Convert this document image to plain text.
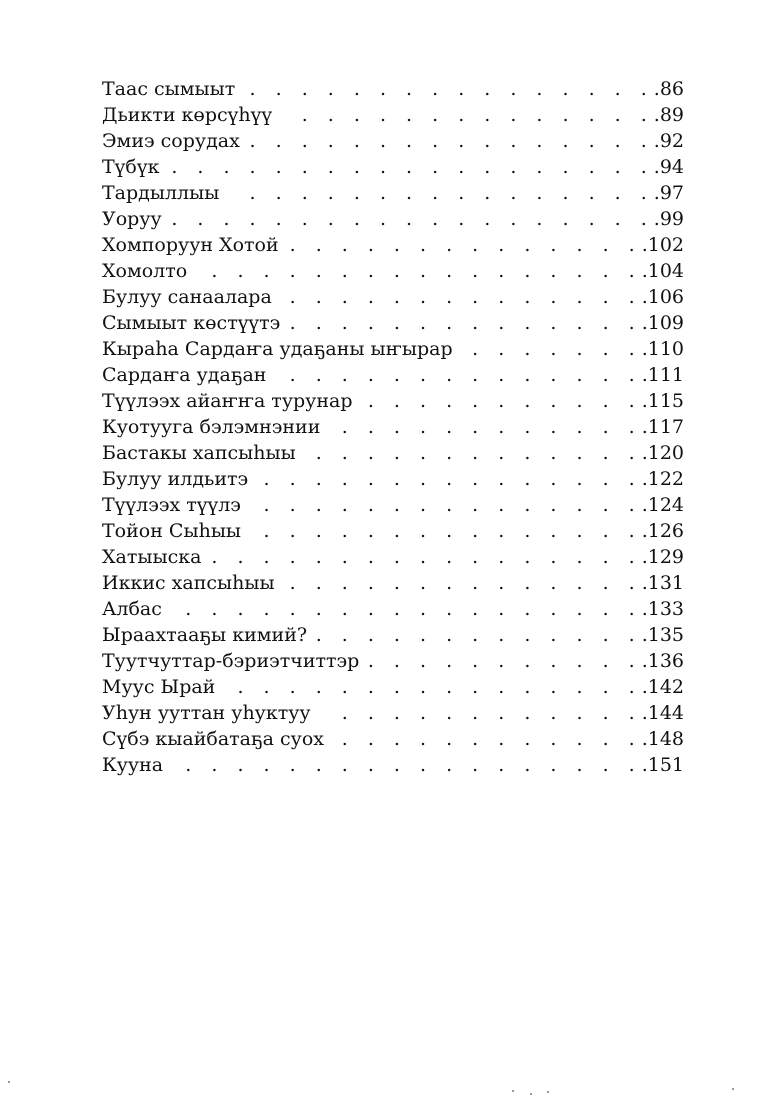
Таас сымыыт . . .	.86
Дьикти көрсүһүү . . .	.89
Эмиэ сорудах . . .	.92
Түбүк . . .	.94
Тардыллыы . . .	.97
Уоруу . . .	.99
Хомпоруун Хотой . . .	.102
Хомолто . . .	.104
Булуу санаалара . . .	.106
Сымыыт көстүүтэ . . .	.109
Кыраһа Сардаҥа удаҕаны ыҥырар . . .	.110
Сардаҥа удаҕан . . .	.111
Түүлээх айаҥҥа турунар . . .	.115
Куотууга бэлэмнэнии . . .	.117
Бастакы хапсыһыы . . .	.120
Булуу илдьитэ . . .	.122
Түүлээх түүлэ . . .	.124
Тойон Сыһыы . . .	.126
Хатыыска . . .	.129
Иккис хапсыһыы . . .	.131
Албас . . .	.133
Ыраахтааҕы кимий? . . .	.135
Туутчуттар-бэриэтчиттэр . . .	.136
Муус Ырай . . .	.142
Уһун ууттан уһуктуу . . .	.144
Сүбэ кыайбатаҕа суох . . .	.148
Кууна . . .	.151
